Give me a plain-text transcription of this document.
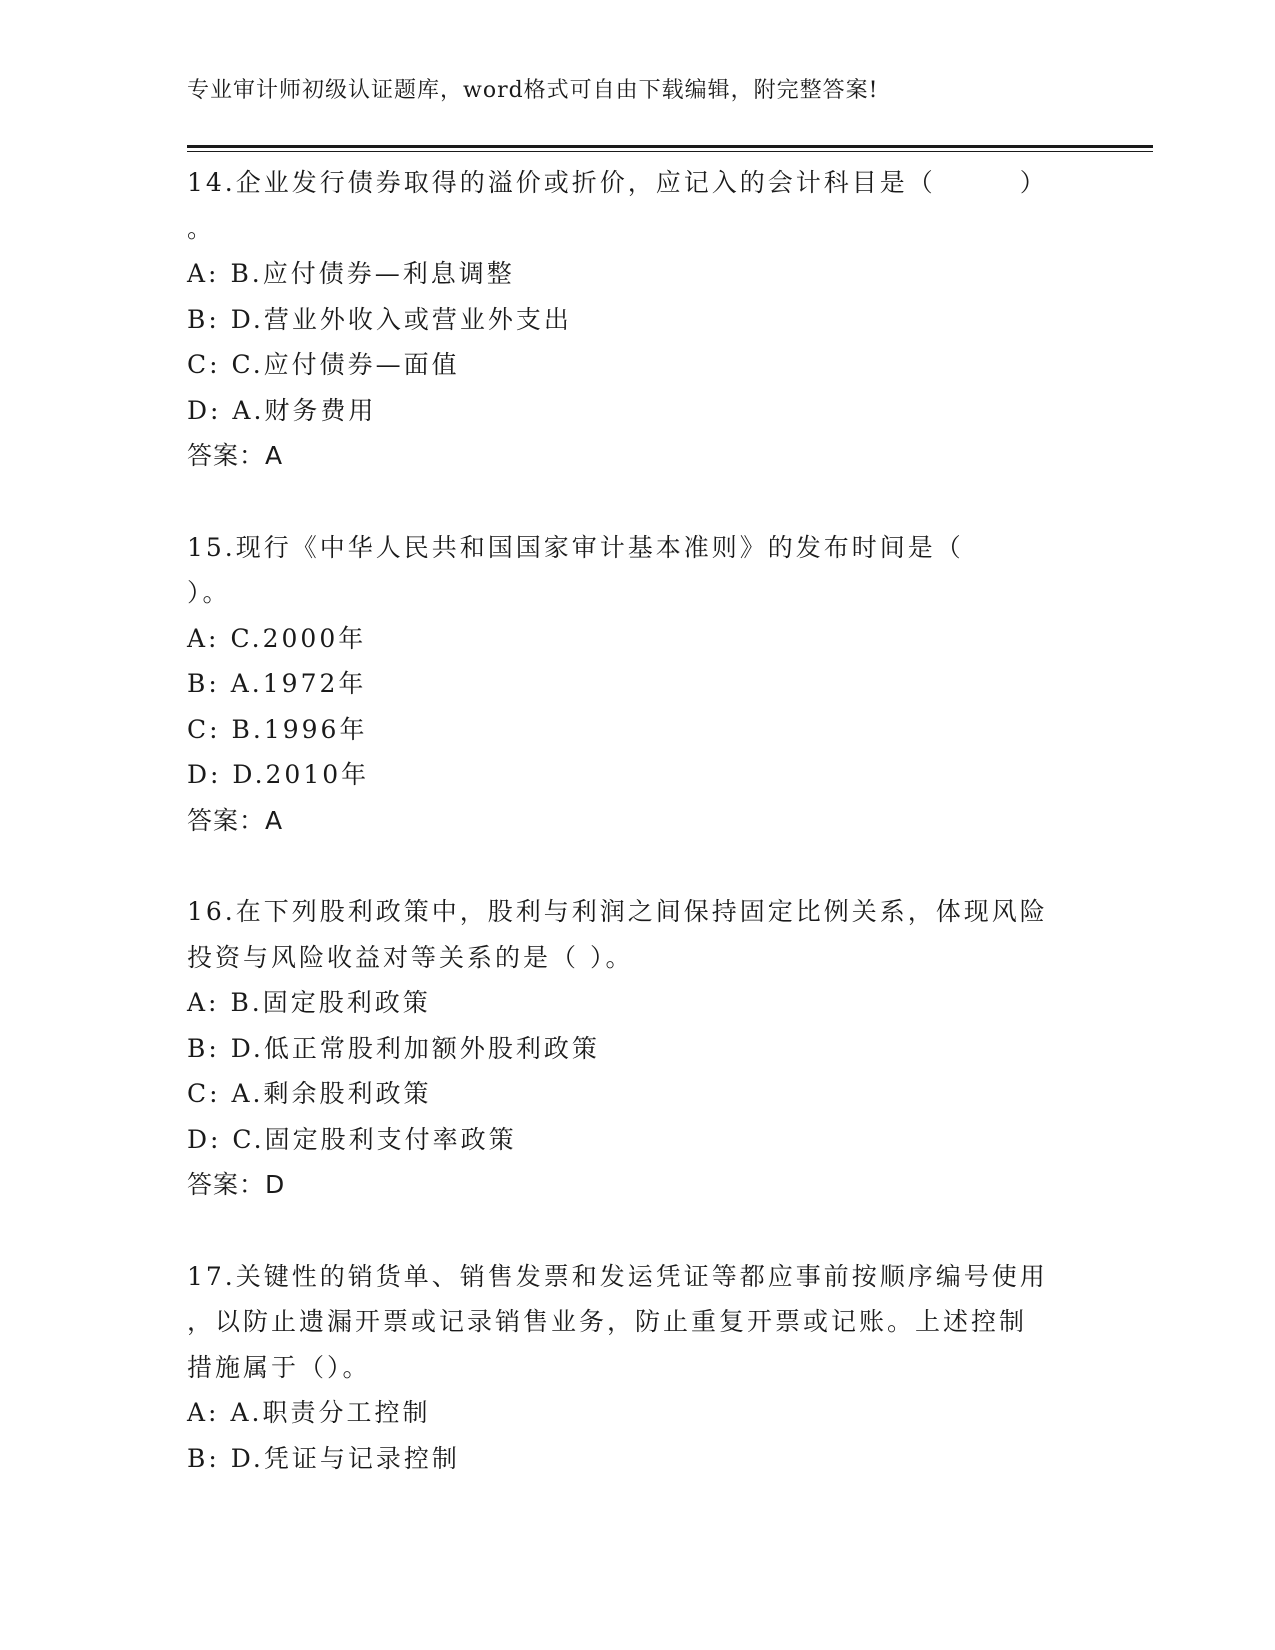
专业审计师初级认证题库，word格式可自由下载编辑，附完整答案!
14.企业发行债券取得的溢价或折价，应记入的会计科目是（　　　）
。
A: B.应付债券—利息调整
B: D.营业外收入或营业外支出
C: C.应付债券—面值
D: A.财务费用
答案：A
15.现行《中华人民共和国国家审计基本准则》的发布时间是（
）。
A: C.2000年
B: A.1972年
C: B.1996年
D: D.2010年
答案：A
16.在下列股利政策中，股利与利润之间保持固定比例关系，体现风险
投资与风险收益对等关系的是（ ）。
A: B.固定股利政策
B: D.低正常股利加额外股利政策
C: A.剩余股利政策
D: C.固定股利支付率政策
答案：D
17.关键性的销货单、销售发票和发运凭证等都应事前按顺序编号使用
，以防止遗漏开票或记录销售业务，防止重复开票或记账。上述控制
措施属于（）。
A: A.职责分工控制
B: D.凭证与记录控制
